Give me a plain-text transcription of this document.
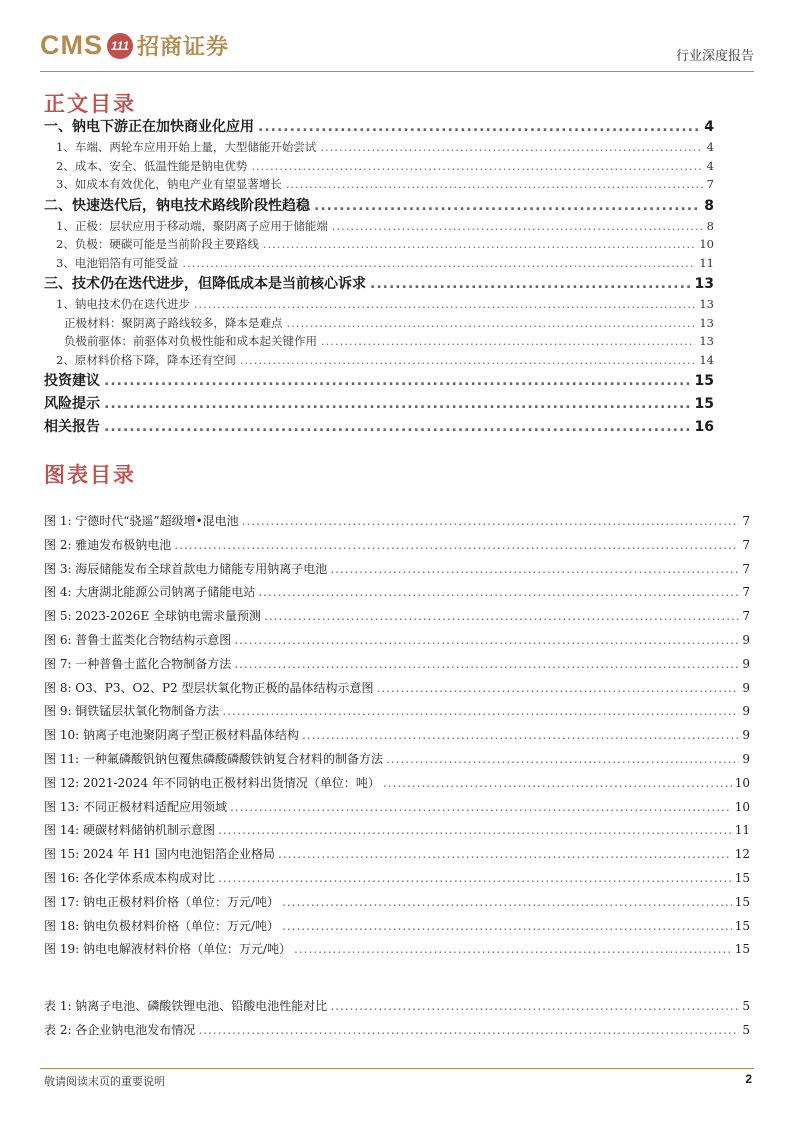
CMS 111 招商证券	行业深度报告
正文目录
一、钠电下游正在加快商业化应用 .....	4
1、车端、两轮车应用开始上量，大型储能开始尝试 .....	4
2、成本、安全、低温性能是钠电优势 .....	4
3、如成本有效优化，钠电产业有望显著增长 .....	7
二、快速迭代后，钠电技术路线阶段性趋稳 .....	8
1、正极：层状应用于移动端，聚阴离子应用于储能端 .....	8
2、负极：硬碳可能是当前阶段主要路线 .....	10
3、电池铝箔有可能受益 .....	11
三、技术仍在迭代进步，但降低成本是当前核心诉求 .....	13
1、钠电技术仍在迭代进步 .....	13
正极材料：聚阴离子路线较多，降本是难点 .....	13
负极前驱体：前驱体对负极性能和成本起关键作用 .....	13
2、原材料价格下降，降本还有空间 .....	14
投资建议 .....	15
风险提示 .....	15
相关报告 .....	16
图表目录
图 1: 宁德时代“骁遥”超级增•混电池 .....	7
图 2: 雅迪发布极钠电池 .....	7
图 3: 海辰储能发布全球首款电力储能专用钠离子电池 .....	7
图 4: 大唐湖北能源公司钠离子储能电站 .....	7
图 5: 2023-2026E 全球钠电需求量预测 .....	7
图 6: 普鲁士蓝类化合物结构示意图 .....	9
图 7: 一种普鲁士蓝化合物制备方法 .....	9
图 8: O3、P3、O2、P2 型层状氧化物正极的晶体结构示意图 .....	9
图 9: 铜铁锰层状氧化物制备方法 .....	9
图 10: 钠离子电池聚阴离子型正极材料晶体结构 .....	9
图 11: 一种氟磷酸钒钠包覆焦磷酸磷酸铁钠复合材料的制备方法 .....	9
图 12: 2021-2024 年不同钠电正极材料出货情况（单位：吨） .....	10
图 13: 不同正极材料适配应用领域 .....	10
图 14: 硬碳材料储钠机制示意图 .....	11
图 15: 2024 年 H1 国内电池铝箔企业格局 .....	12
图 16: 各化学体系成本构成对比 .....	15
图 17: 钠电正极材料价格（单位：万元/吨） .....	15
图 18: 钠电负极材料价格（单位：万元/吨） .....	15
图 19: 钠电电解液材料价格（单位：万元/吨） .....	15
表 1: 钠离子电池、磷酸铁锂电池、铅酸电池性能对比 .....	5
表 2: 各企业钠电池发布情况 .....	5
敬请阅读末页的重要说明	2
